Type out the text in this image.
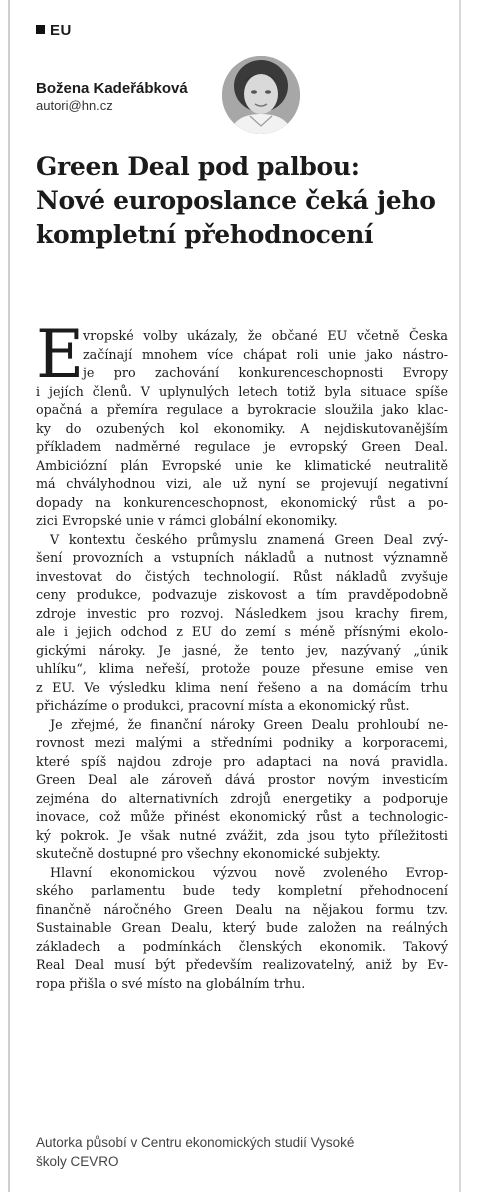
EU
Božena Kadeřábková
autori@hn.cz
Green Deal pod palbou:
Nové europoslance čeká jeho
kompletní přehodnocení
E
vropské volby ukázaly, že občané EU včetně Česka
začínají mnohem více chápat roli unie jako nástro-
je pro zachování konkurenceschopnosti Evropy
i jejích členů. V uplynulých letech totiž byla situace spíše
opačná a přemíra regulace a byrokracie sloužila jako klac-
ky do ozubených kol ekonomiky. A nejdiskutovanějším
příkladem nadměrné regulace je evropský Green Deal.
Ambiciózní plán Evropské unie ke klimatické neutralitě
má chvályhodnou vizi, ale už nyní se projevují negativní
dopady na konkurenceschopnost, ekonomický růst a po-
zici Evropské unie v rámci globální ekonomiky.
V kontextu českého průmyslu znamená Green Deal zvý-
šení provozních a vstupních nákladů a nutnost významně
investovat do čistých technologií. Růst nákladů zvyšuje
ceny produkce, podvazuje ziskovost a tím pravděpodobně
zdroje investic pro rozvoj. Následkem jsou krachy firem,
ale i jejich odchod z EU do zemí s méně přísnými ekolo-
gickými nároky. Je jasné, že tento jev, nazývaný „únik
uhlíku“, klima neřeší, protože pouze přesune emise ven
z EU. Ve výsledku klima není řešeno a na domácím trhu
přicházíme o produkci, pracovní místa a ekonomický růst.
Je zřejmé, že finanční nároky Green Dealu prohloubí ne-
rovnost mezi malými a středními podniky a korporacemi,
které spíš najdou zdroje pro adaptaci na nová pravidla.
Green Deal ale zároveň dává prostor novým investicím
zejména do alternativních zdrojů energetiky a podporuje
inovace, což může přinést ekonomický růst a technologic-
ký pokrok. Je však nutné zvážit, zda jsou tyto příležitosti
skutečně dostupné pro všechny ekonomické subjekty.
Hlavní ekonomickou výzvou nově zvoleného Evrop-
ského parlamentu bude tedy kompletní přehodnocení
finančně náročného Green Dealu na nějakou formu tzv.
Sustainable Grean Dealu, který bude založen na reálných
základech a podmínkách členských ekonomik. Takový
Real Deal musí být především realizovatelný, aniž by Ev-
ropa přišla o své místo na globálním trhu.
Autorka působí v Centru ekonomických studií Vysoké
školy CEVRO
